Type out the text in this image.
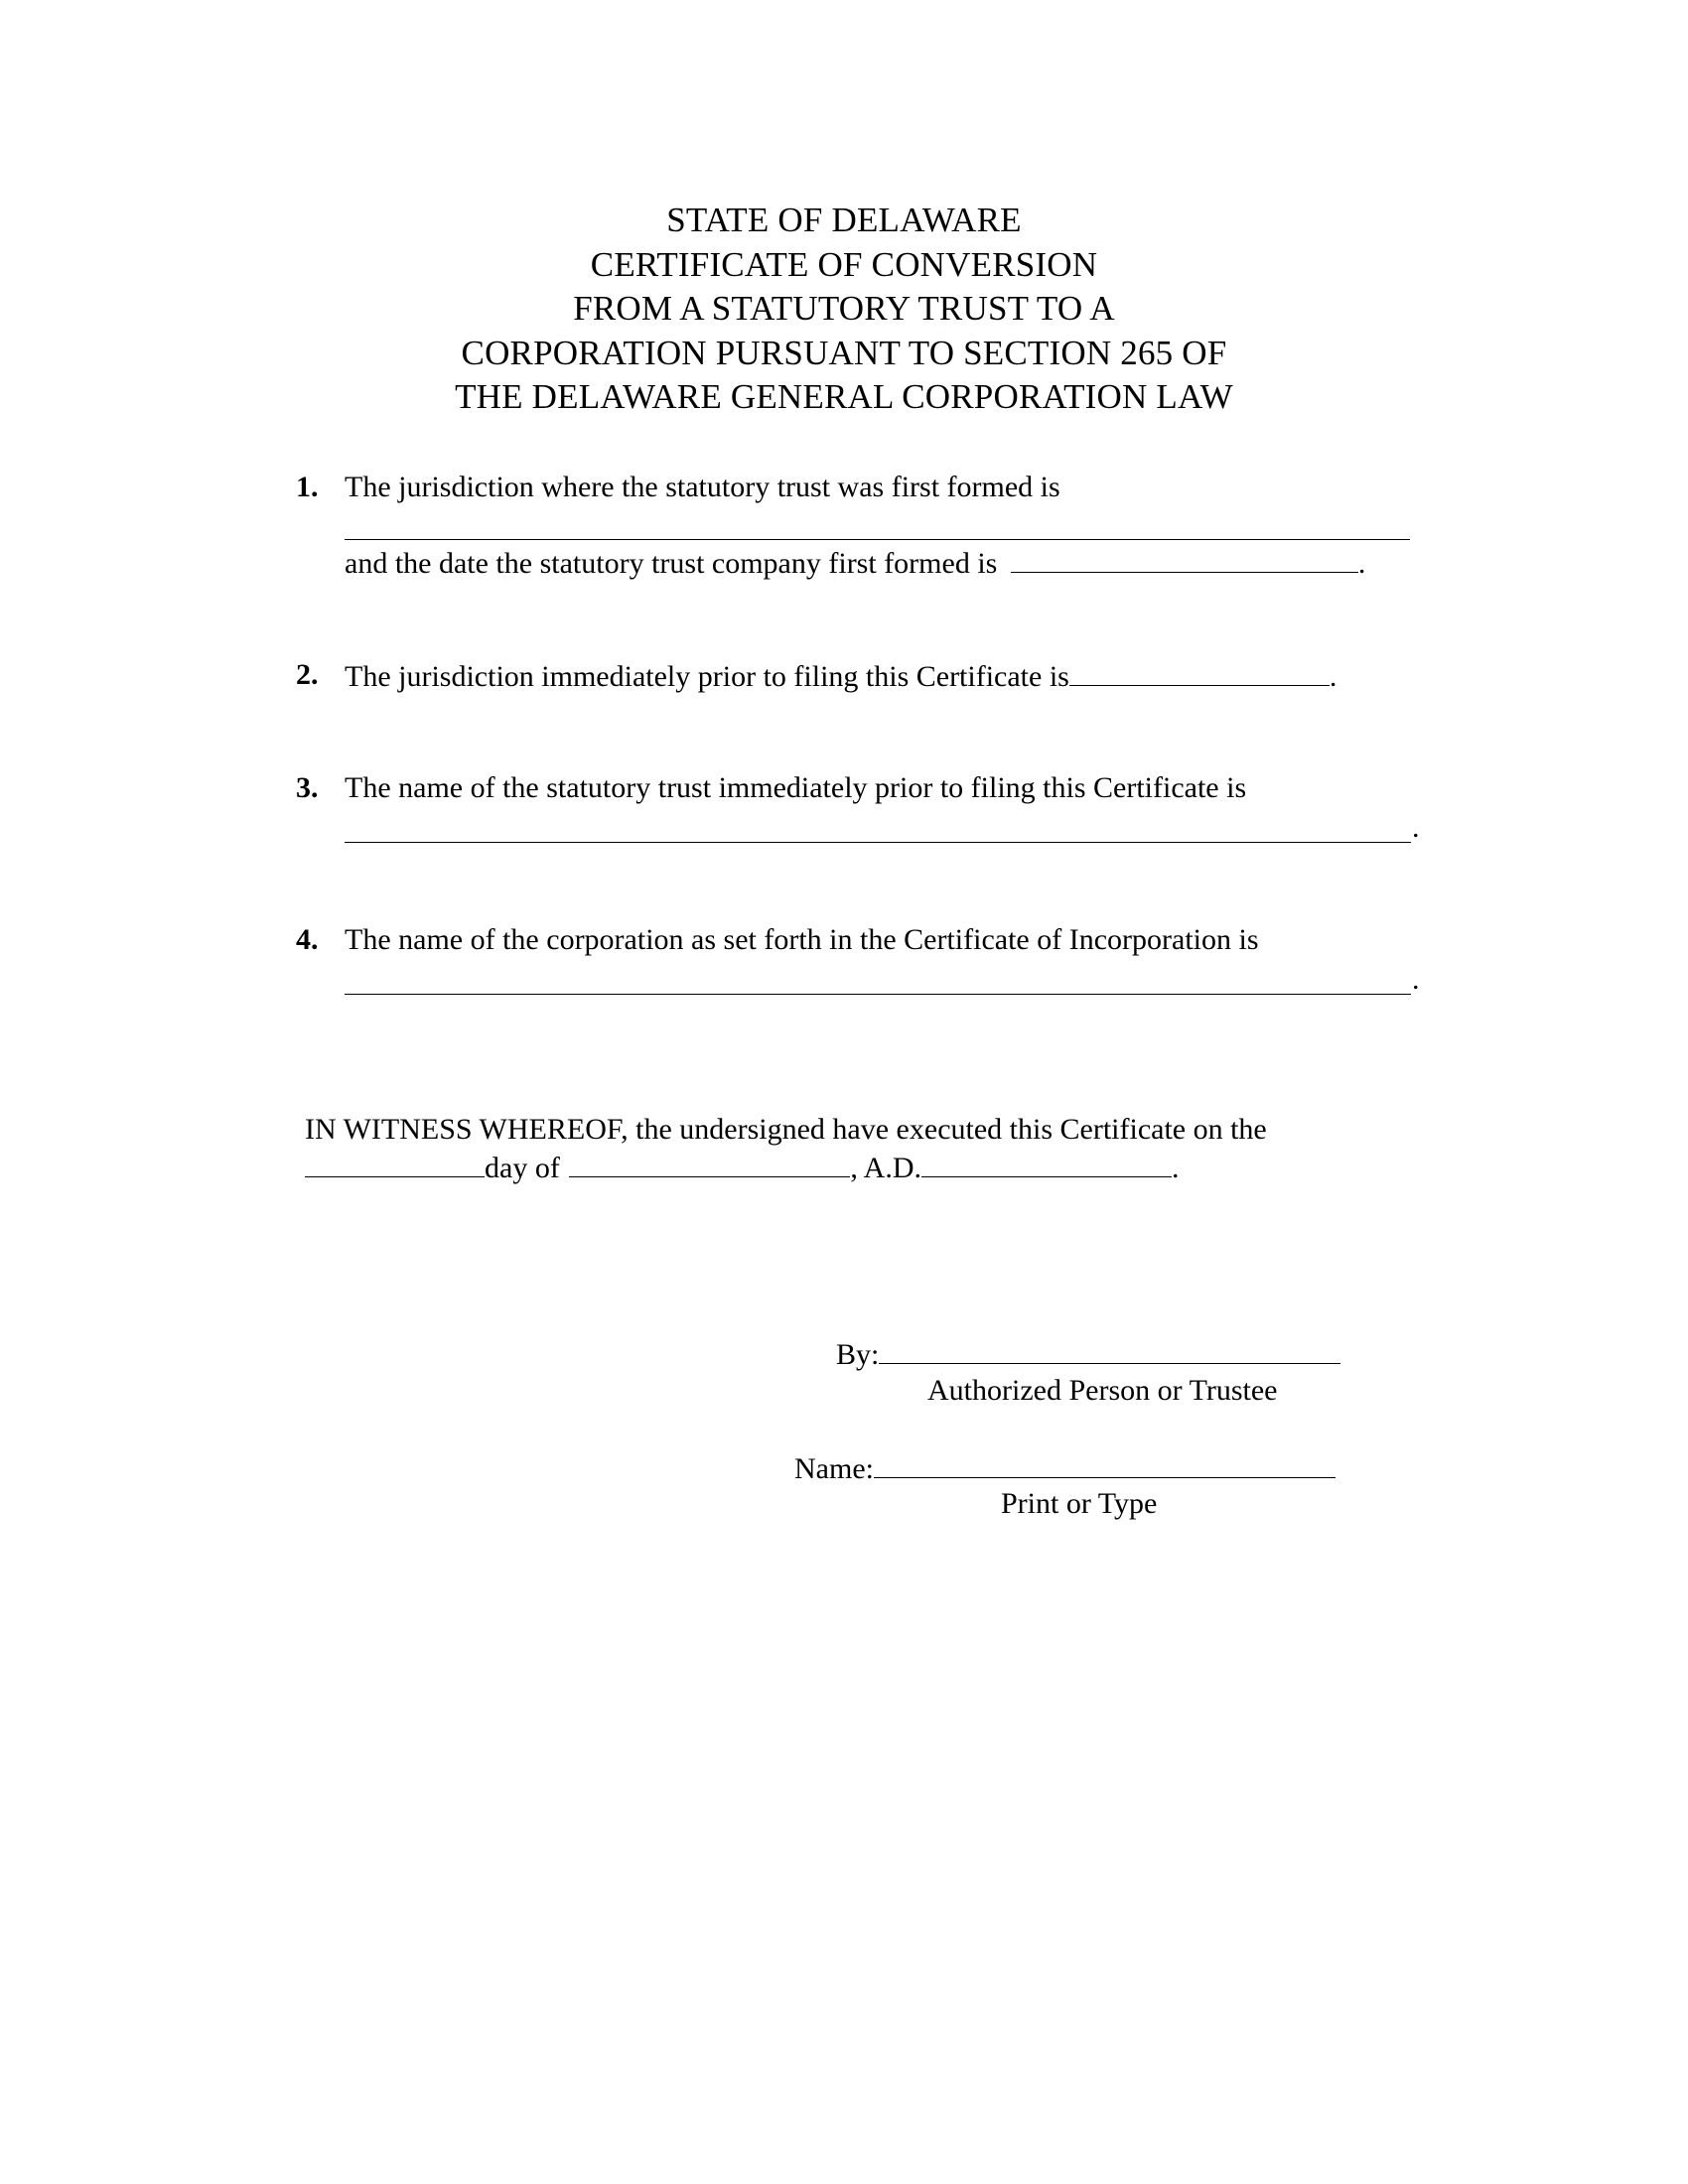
STATE OF DELAWARE
CERTIFICATE OF CONVERSION
FROM A STATUTORY TRUST TO A
CORPORATION PURSUANT TO SECTION 265 OF
THE DELAWARE GENERAL CORPORATION LAW
1. The jurisdiction where the statutory trust was first formed is
and the date the statutory trust company first formed is	.
2. The jurisdiction immediately prior to filing this Certificate is	.
3. The name of the statutory trust immediately prior to filing this Certificate is
.
4. The name of the corporation as set forth in the Certificate of Incorporation is
.
IN WITNESS WHEREOF, the undersigned have executed this Certificate on the
day of	, A.D.	.
By:
Authorized Person or Trustee
Name:
Print or Type
